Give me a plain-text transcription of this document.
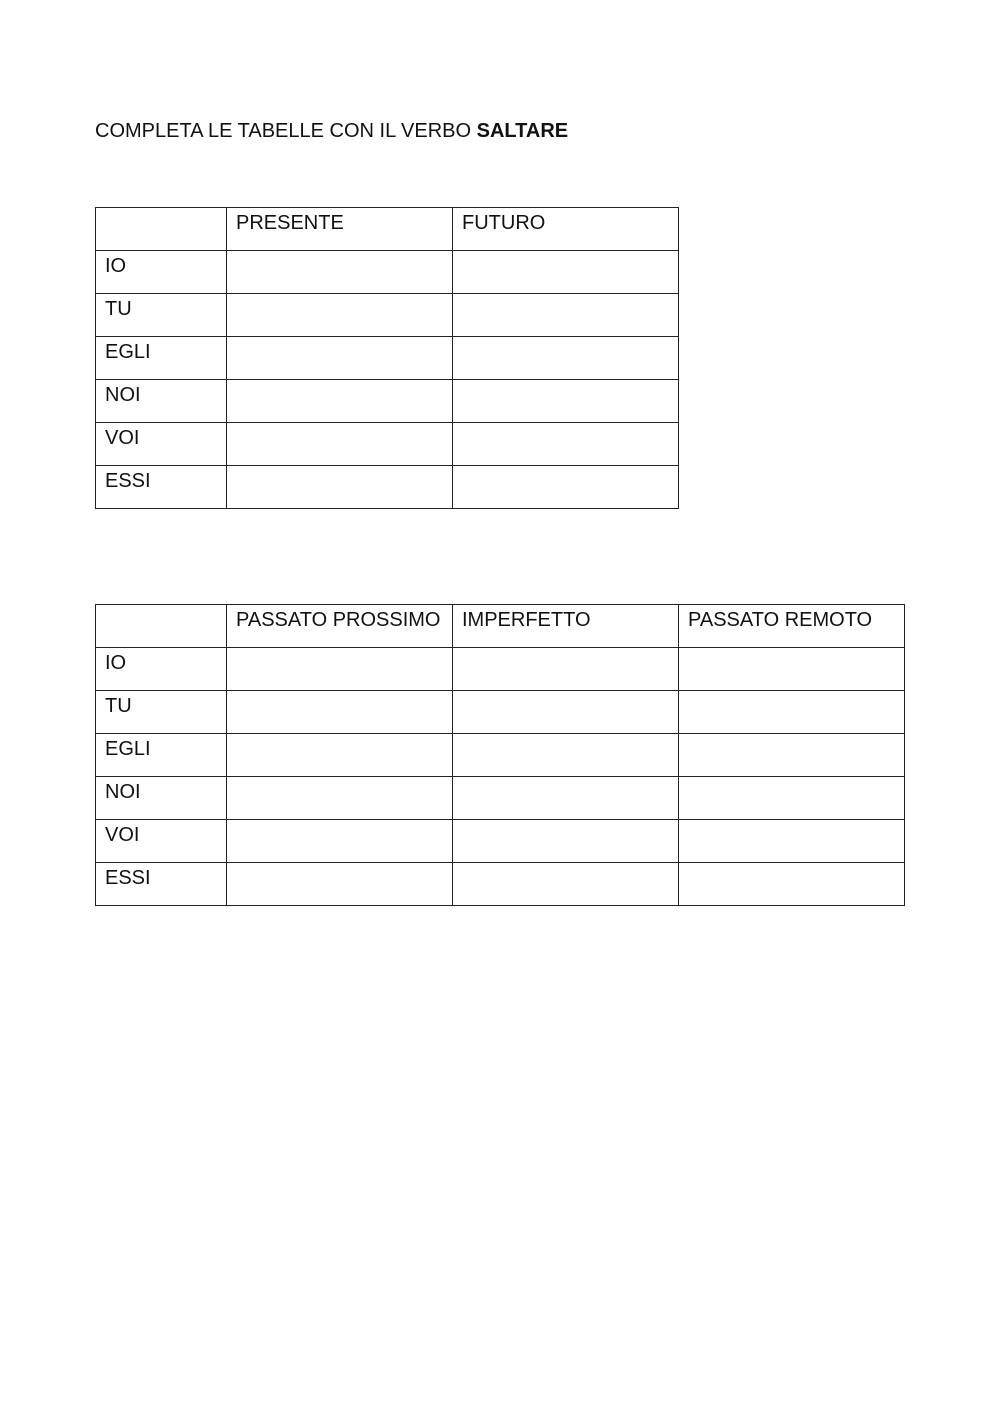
COMPLETA LE TABELLE CON IL VERBO SALTARE
	PRESENTE	FUTURO
IO		
TU		
EGLI		
NOI		
VOI		
ESSI		
	PASSATO PROSSIMO	IMPERFETTO	PASSATO REMOTO
IO			
TU			
EGLI			
NOI			
VOI			
ESSI			
